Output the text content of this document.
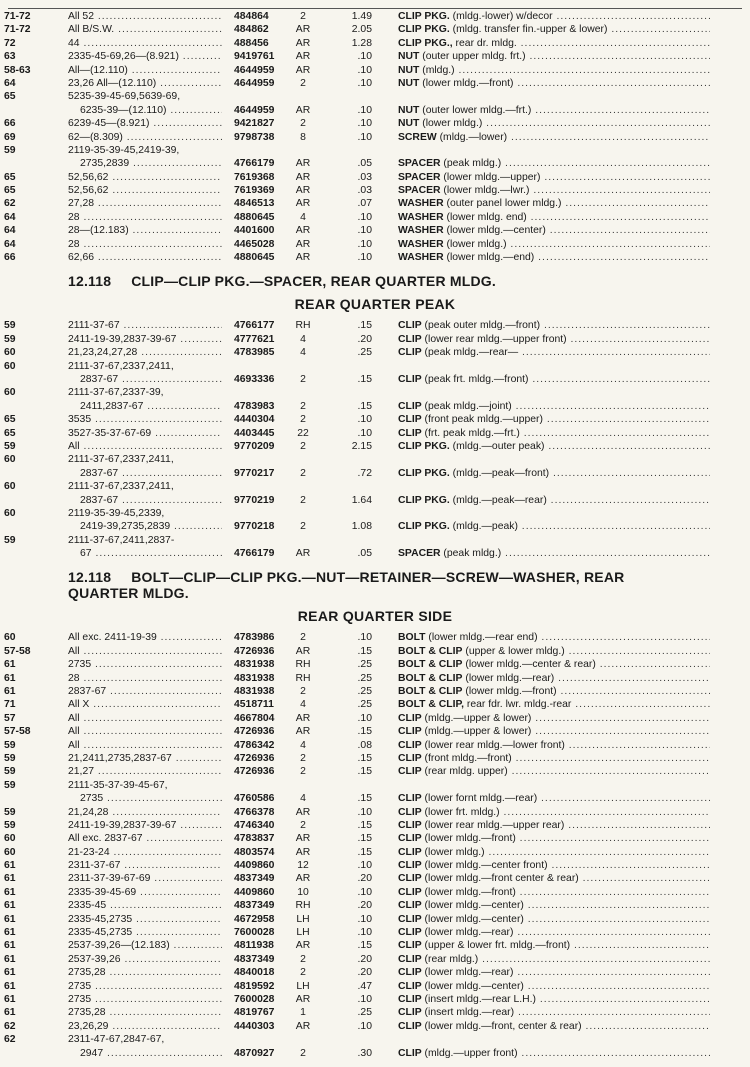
71-72	All 52 .....	484864	2	1.49	CLIP PKG. (mldg.-lower) w/decor .....
71-72	All B/S.W. .....	484862	AR	2.05	CLIP PKG. (mldg. transfer fin.-upper & lower) .....
72	44 .....	488456	AR	1.28	CLIP PKG., rear dr. mldg. .....
63	2335-45-69,26—(8.921) .....	9419761	AR	.10	NUT (outer upper mldg. frt.) .....
58-63	All—(12.110) .....	4644959	AR	.10	NUT (mldg.) .....
64	23,26 All—(12.110) .....	4644959	2	.10	NUT (lower mldg.—front) .....
65	5235-39-45-69,5639-69,
6235-39—(12.110) .....	4644959	AR	.10	NUT (outer lower mldg.—frt.) .....
66	6239-45—(8.921) .....	9421827	2	.10	NUT (lower mldg.) .....
69	62—(8.309) .....	9798738	8	.10	SCREW (mldg.—lower) .....
59	2119-35-39-45,2419-39,
2735,2839 .....	4766179	AR	.05	SPACER (peak mldg.) .....
65	52,56,62 .....	7619368	AR	.03	SPACER (lower mldg.—upper) .....
65	52,56,62 .....	7619369	AR	.03	SPACER (lower mldg.—lwr.) .....
62	27,28 .....	4846513	AR	.07	WASHER (outer panel lower mldg.) .....
64	28 .....	4880645	4	.10	WASHER (lower mldg. end) .....
64	28—(12.183) .....	4401600	AR	.10	WASHER (lower mldg.—center) .....
64	28 .....	4465028	AR	.10	WASHER (lower mldg.) .....
66	62,66 .....	4880645	AR	.10	WASHER (lower mldg.—end) .....
12.118 CLIP—CLIP PKG.—SPACER, REAR QUARTER MLDG.
REAR QUARTER PEAK
59	2111-37-67 .....	4766177	RH	.15	CLIP (peak outer mldg.—front) .....
59	2411-19-39,2837-39-67 .....	4777621	4	.20	CLIP (lower rear mldg.—upper front) .....
60	21,23,24,27,28 .....	4783985	4	.25	CLIP (peak mldg.—rear— .....
60	2111-37-67,2337,2411,
2837-67 .....	4693336	2	.15	CLIP (peak frt. mldg.—front) .....
60	2111-37-67,2337-39,
2411,2837-67 .....	4783983	2	.15	CLIP (peak mldg.—joint) .....
65	3535 .....	4440304	2	.10	CLIP (front peak mldg.—upper) .....
65	3527-35-37-67-69 .....	4403445	22	.10	CLIP (frt. peak mldg.—frt.) .....
59	All .....	9770209	2	2.15	CLIP PKG. (mldg.—outer peak) .....
60	2111-37-67,2337,2411,
2837-67 .....	9770217	2	.72	CLIP PKG. (mldg.—peak—front) .....
60	2111-37-67,2337,2411,
2837-67 .....	9770219	2	1.64	CLIP PKG. (mldg.—peak—rear) .....
60	2119-35-39-45,2339,
2419-39,2735,2839 .....	9770218	2	1.08	CLIP PKG. (mldg.—peak) .....
59	2111-37-67,2411,2837-
67 .....	4766179	AR	.05	SPACER (peak mldg.) .....
12.118 BOLT—CLIP—CLIP PKG.—NUT—RETAINER—SCREW—WASHER, REAR QUARTER MLDG.
REAR QUARTER SIDE
60	All exc. 2411-19-39 .....	4783986	2	.10	BOLT (lower mldg.—rear end) .....
57-58	All .....	4726936	AR	.15	BOLT & CLIP (upper & lower mldg.) .....
61	2735 .....	4831938	RH	.25	BOLT & CLIP (lower mldg.—center & rear) .....
61	28 .....	4831938	RH	.25	BOLT & CLIP (lower mldg.—rear) .....
61	2837-67 .....	4831938	2	.25	BOLT & CLIP (lower mldg.—front) .....
71	All X .....	4518711	4	.25	BOLT & CLIP, rear fdr. lwr. mldg.-rear .....
57	All .....	4667804	AR	.10	CLIP (mldg.—upper & lower) .....
57-58	All .....	4726936	AR	.15	CLIP (mldg.—upper & lower) .....
59	All .....	4786342	4	.08	CLIP (lower rear mldg.—lower front) .....
59	21,2411,2735,2837-67 .....	4726936	2	.15	CLIP (front mldg.—front) .....
59	21,27 .....	4726936	2	.15	CLIP (rear mldg. upper) .....
59	2111-35-37-39-45-67,
2735 .....	4760586	4	.15	CLIP (lower fornt mldg.—rear) .....
59	21,24,28 .....	4766378	AR	.10	CLIP (lower frt. mldg.) .....
59	2411-19-39,2837-39-67 .....	4746340	2	.15	CLIP (lower rear mldg.—upper rear) .....
60	All exc. 2837-67 .....	4783837	AR	.15	CLIP (lower mldg.—front) .....
60	21-23-24 .....	4803574	AR	.15	CLIP (lower mldg.) .....
61	2311-37-67 .....	4409860	12	.10	CLIP (lower mldg.—center front) .....
61	2311-37-39-67-69 .....	4837349	AR	.20	CLIP (lower mldg.—front center & rear) .....
61	2335-39-45-69 .....	4409860	10	.10	CLIP (lower mldg.—front) .....
61	2335-45 .....	4837349	RH	.20	CLIP (lower mldg.—center) .....
61	2335-45,2735 .....	4672958	LH	.10	CLIP (lower mldg.—center) .....
61	2335-45,2735 .....	7600028	LH	.10	CLIP (lower mldg.—rear) .....
61	2537-39,26—(12.183) .....	4811938	AR	.15	CLIP (upper & lower frt. mldg.—front) .....
61	2537-39,26 .....	4837349	2	.20	CLIP (rear mldg.) .....
61	2735,28 .....	4840018	2	.20	CLIP (lower mldg.—rear) .....
61	2735 .....	4819592	LH	.47	CLIP (lower mldg.—center) .....
61	2735 .....	7600028	AR	.10	CLIP (insert mldg.—rear L.H.) .....
61	2735,28 .....	4819767	1	.25	CLIP (insert mldg.—rear) .....
62	23,26,29 .....	4440303	AR	.10	CLIP (lower mldg.—front, center & rear) .....
62	2311-47-67,2847-67,
2947 .....	4870927	2	.30	CLIP (mldg.—upper front) .....
